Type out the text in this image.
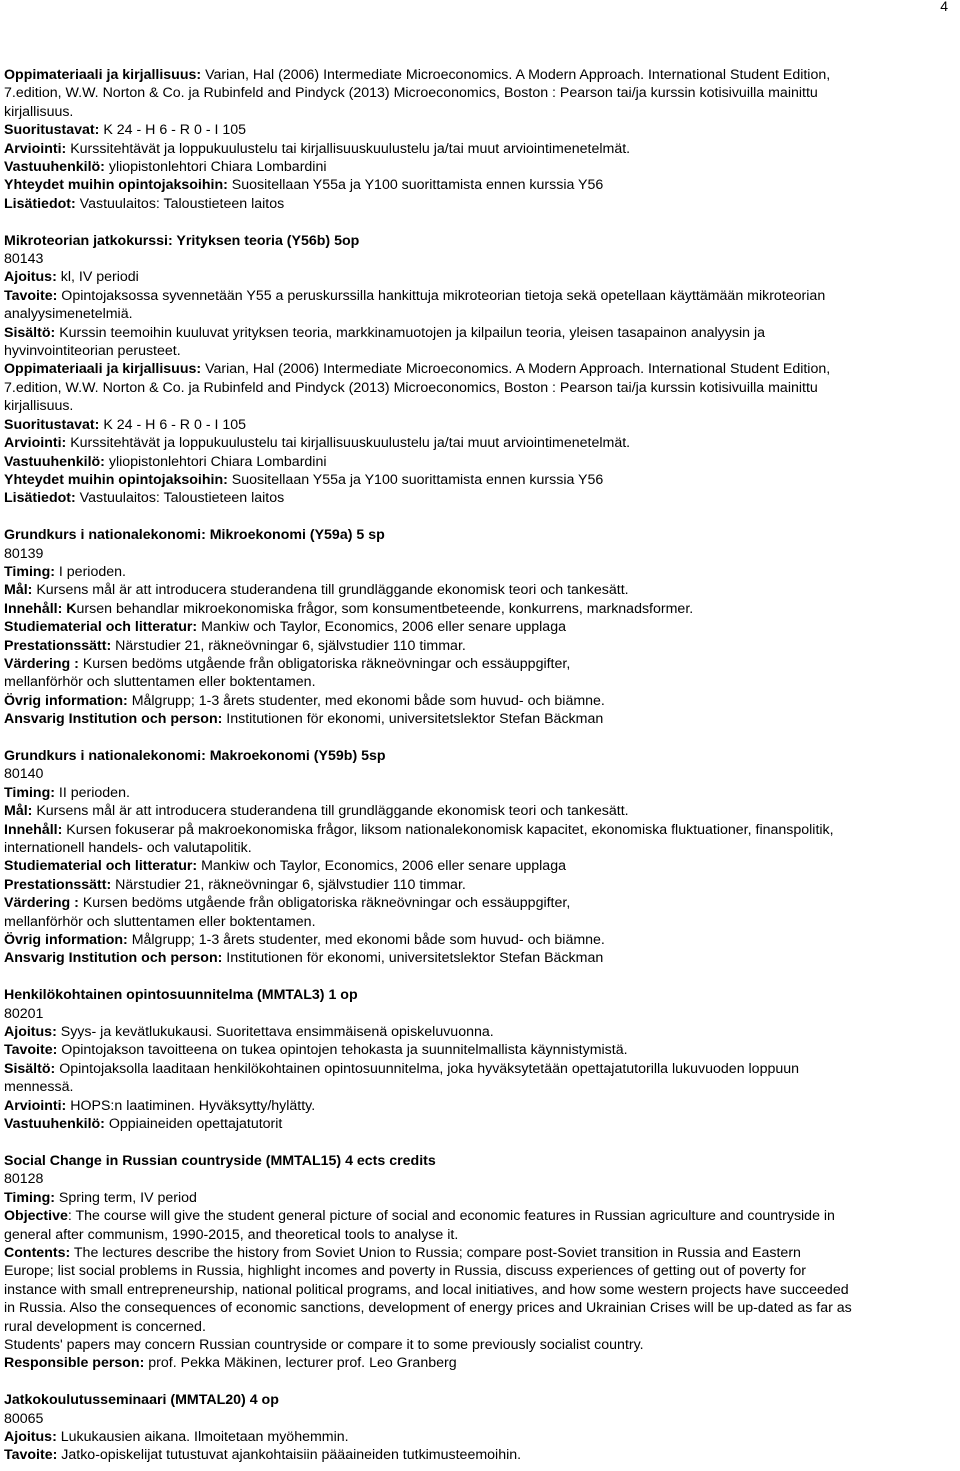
4
Oppimateriaali ja kirjallisuus: Varian, Hal (2006) Intermediate Microeconomics. A Modern Approach. International Student Edition,
7.edition, W.W. Norton & Co. ja Rubinfeld and Pindyck (2013) Microeconomics, Boston : Pearson tai/ja kurssin kotisivuilla mainittu
kirjallisuus.
Suoritustavat: K 24 - H 6 - R 0 - I 105
Arviointi: Kurssitehtävät ja loppukuulustelu tai kirjallisuuskuulustelu ja/tai muut arviointimenetelmät.
Vastuuhenkilö: yliopistonlehtori Chiara Lombardini
Yhteydet muihin opintojaksoihin: Suositellaan Y55a ja Y100 suorittamista ennen kurssia Y56
Lisätiedot: Vastuulaitos: Taloustieteen laitos
Mikroteorian jatkokurssi: Yrityksen teoria (Y56b) 5op
80143
Ajoitus: kl, IV periodi
Tavoite: Opintojaksossa syvennetään Y55 a peruskurssilla hankittuja mikroteorian tietoja sekä opetellaan käyttämään mikroteorian
analyysimenetelmiä.
Sisältö: Kurssin teemoihin kuuluvat yrityksen teoria, markkinamuotojen ja kilpailun teoria, yleisen tasapainon analyysin ja
hyvinvointiteorian perusteet.
Oppimateriaali ja kirjallisuus: Varian, Hal (2006) Intermediate Microeconomics. A Modern Approach. International Student Edition,
7.edition, W.W. Norton & Co. ja Rubinfeld and Pindyck (2013) Microeconomics, Boston : Pearson tai/ja kurssin kotisivuilla mainittu
kirjallisuus.
Suoritustavat: K 24 - H 6 - R 0 - I 105
Arviointi: Kurssitehtävät ja loppukuulustelu tai kirjallisuuskuulustelu ja/tai muut arviointimenetelmät.
Vastuuhenkilö: yliopistonlehtori Chiara Lombardini
Yhteydet muihin opintojaksoihin: Suositellaan Y55a ja Y100 suorittamista ennen kurssia Y56
Lisätiedot: Vastuulaitos: Taloustieteen laitos
Grundkurs i nationalekonomi: Mikroekonomi (Y59a) 5 sp
80139
Timing: I perioden.
Mål: Kursens mål är att introducera studerandena till grundläggande ekonomisk teori och tankesätt.
Innehåll: Kursen behandlar mikroekonomiska frågor, som konsumentbeteende, konkurrens, marknadsformer.
Studiematerial och litteratur: Mankiw och Taylor, Economics, 2006 eller senare upplaga
Prestationssätt: Närstudier 21, räkneövningar 6, självstudier 110 timmar.
Värdering : Kursen bedöms utgående från obligatoriska räkneövningar och essäuppgifter,
mellanförhör och sluttentamen eller boktentamen.
Övrig information: Målgrupp; 1-3 årets studenter, med ekonomi både som huvud- och biämne.
Ansvarig Institution och person: Institutionen för ekonomi, universitetslektor Stefan Bäckman
Grundkurs i nationalekonomi: Makroekonomi (Y59b) 5sp
80140
Timing: II perioden.
Mål: Kursens mål är att introducera studerandena till grundläggande ekonomisk teori och tankesätt.
Innehåll: Kursen fokuserar på makroekonomiska frågor, liksom nationalekonomisk kapacitet, ekonomiska fluktuationer, finanspolitik,
internationell handels- och valutapolitik.
Studiematerial och litteratur: Mankiw och Taylor, Economics, 2006 eller senare upplaga
Prestationssätt: Närstudier 21, räkneövningar 6, självstudier 110 timmar.
Värdering : Kursen bedöms utgående från obligatoriska räkneövningar och essäuppgifter,
mellanförhör och sluttentamen eller boktentamen.
Övrig information: Målgrupp; 1-3 årets studenter, med ekonomi både som huvud- och biämne.
Ansvarig Institution och person: Institutionen för ekonomi, universitetslektor Stefan Bäckman
Henkilökohtainen opintosuunnitelma (MMTAL3) 1 op
80201
Ajoitus: Syys- ja kevätlukukausi. Suoritettava ensimmäisenä opiskeluvuonna.
Tavoite: Opintojakson tavoitteena on tukea opintojen tehokasta ja suunnitelmallista käynnistymistä.
Sisältö: Opintojaksolla laaditaan henkilökohtainen opintosuunnitelma, joka hyväksytetään opettajatutorilla lukuvuoden loppuun
mennessä.
Arviointi: HOPS:n laatiminen. Hyväksytty/hylätty.
Vastuuhenkilö: Oppiaineiden opettajatutorit
Social Change in Russian countryside (MMTAL15) 4 ects credits
80128
Timing: Spring term, IV period
Objective: The course will give the student general picture of social and economic features in Russian agriculture and countryside in
general after communism, 1990-2015, and theoretical tools to analyse it.
Contents: The lectures describe the history from Soviet Union to Russia; compare post-Soviet transition in Russia and Eastern
Europe; list social problems in Russia, highlight incomes and poverty in Russia, discuss experiences of getting out of poverty for
instance with small entrepreneurship, national political programs, and local initiatives, and how some western projects have succeeded
in Russia. Also the consequences of economic sanctions, development of energy prices and Ukrainian Crises will be up-dated as far as
rural development is concerned.
Students' papers may concern Russian countryside or compare it to some previously socialist country.
Responsible person: prof. Pekka Mäkinen, lecturer prof. Leo Granberg
Jatkokoulutusseminaari (MMTAL20) 4 op
80065
Ajoitus: Lukukausien aikana. Ilmoitetaan myöhemmin.
Tavoite: Jatko-opiskelijat tutustuvat ajankohtaisiin pääaineiden tutkimusteemoihin.
